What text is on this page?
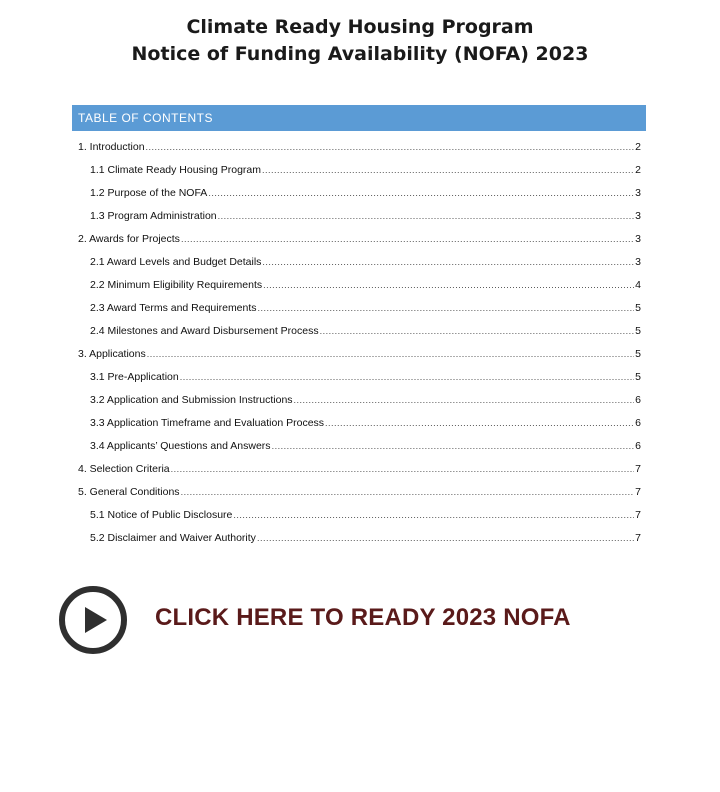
Climate Ready Housing Program
Notice of Funding Availability (NOFA) 2023
TABLE OF CONTENTS
1. Introduction .....	2
1.1 Climate Ready Housing Program .....	2
1.2 Purpose of the NOFA .....	3
1.3 Program Administration .....	3
2. Awards for Projects .....	3
2.1 Award Levels and Budget Details .....	3
2.2 Minimum Eligibility Requirements .....	4
2.3 Award Terms and Requirements .....	5
2.4 Milestones and Award Disbursement Process .....	5
3. Applications .....	5
3.1 Pre-Application .....	5
3.2 Application and Submission Instructions .....	6
3.3 Application Timeframe and Evaluation Process .....	6
3.4 Applicants’ Questions and Answers .....	6
4. Selection Criteria .....	7
5. General Conditions .....	7
5.1 Notice of Public Disclosure .....	7
5.2 Disclaimer and Waiver Authority .....	7
CLICK HERE TO READY 2023 NOFA
